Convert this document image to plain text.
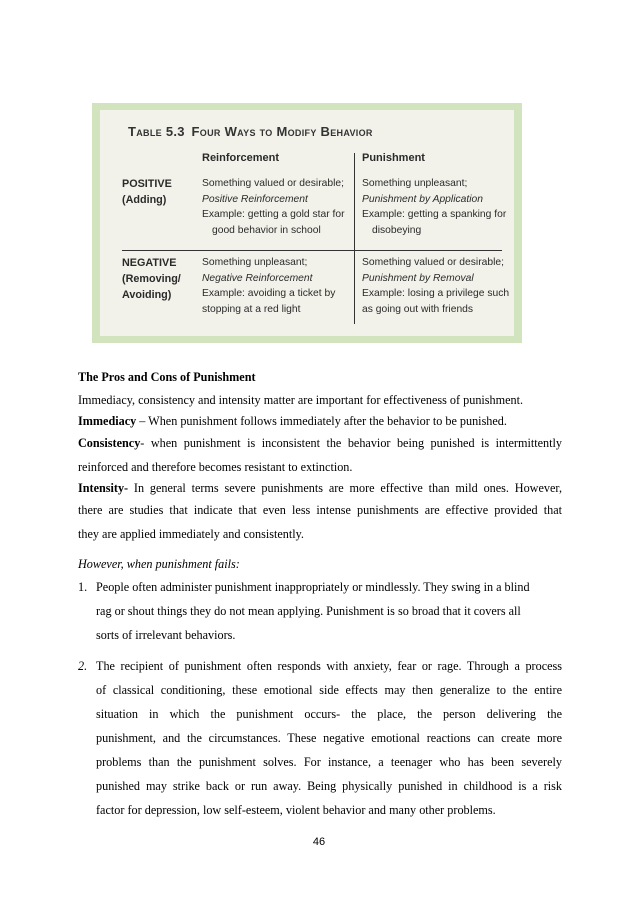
Table 5.3 Four Ways to Modify Behavior
Reinforcement	Punishment
POSITIVE
(Adding)
Something valued or desirable;
Positive Reinforcement
Example: getting a gold star for
good behavior in school
Something unpleasant;
Punishment by Application
Example: getting a spanking for
disobeying
NEGATIVE
(Removing/
Avoiding)
Something unpleasant;
Negative Reinforcement
Example: avoiding a ticket by
stopping at a red light
Something valued or desirable;
Punishment by Removal
Example: losing a privilege such
as going out with friends
The Pros and Cons of Punishment
Immediacy, consistency and intensity matter are important for effectiveness of punishment.
Immediacy – When punishment follows immediately after the behavior to be punished.
Consistency- when punishment is inconsistent the behavior being punished is intermittently
reinforced and therefore becomes resistant to extinction.
Intensity- In general terms severe punishments are more effective than mild ones. However,
there are studies that indicate that even less intense punishments are effective provided that
they are applied immediately and consistently.
However, when punishment fails:
1. People often administer punishment inappropriately or mindlessly. They swing in a blind
rag or shout things they do not mean applying. Punishment is so broad that it covers all
sorts of irrelevant behaviors.
2. The recipient of punishment often responds with anxiety, fear or rage. Through a process
of classical conditioning, these emotional side effects may then generalize to the entire
situation in which the punishment occurs- the place, the person delivering the
punishment, and the circumstances. These negative emotional reactions can create more
problems than the punishment solves. For instance, a teenager who has been severely
punished may strike back or run away. Being physically punished in childhood is a risk
factor for depression, low self-esteem, violent behavior and many other problems.
46
